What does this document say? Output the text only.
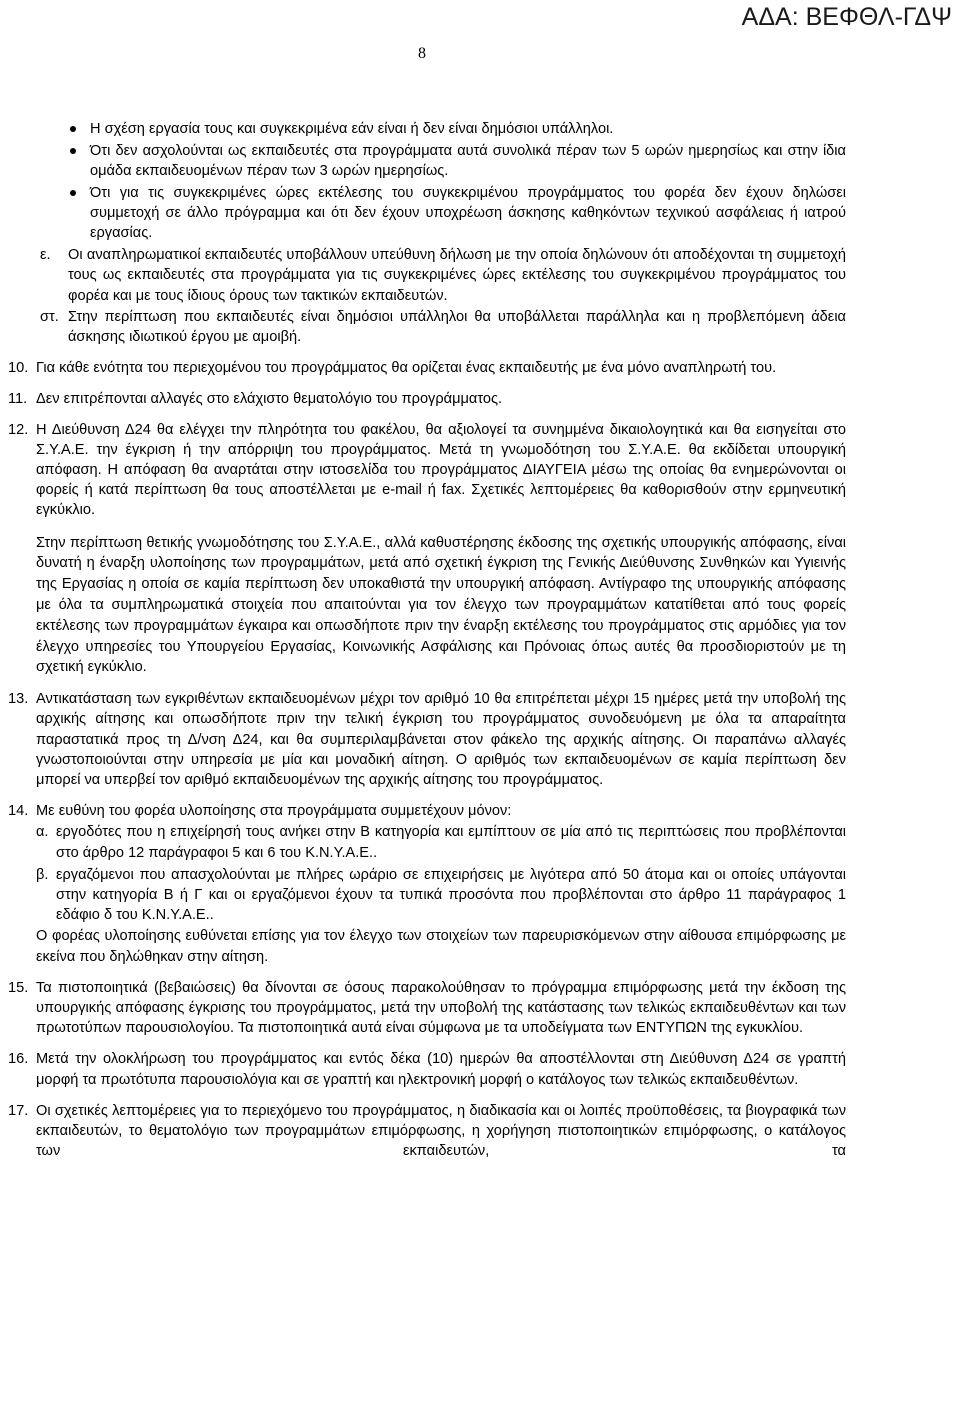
ΑΔΑ: ΒΕΦΘΛ-ΓΔΨ
8
Η σχέση εργασία τους και συγκεκριμένα εάν είναι ή δεν είναι δημόσιοι υπάλληλοι.
Ότι δεν ασχολούνται ως εκπαιδευτές στα προγράμματα αυτά συνολικά πέραν των 5 ωρών ημερησίως και στην ίδια ομάδα εκπαιδευομένων πέραν των 3 ωρών ημερησίως.
Ότι για τις συγκεκριμένες ώρες εκτέλεσης του συγκεκριμένου προγράμματος του φορέα δεν έχουν δηλώσει συμμετοχή σε άλλο πρόγραμμα και ότι δεν έχουν υποχρέωση άσκησης καθηκόντων τεχνικού ασφάλειας ή ιατρού εργασίας.
ε. Οι αναπληρωματικοί εκπαιδευτές υποβάλλουν υπεύθυνη δήλωση με την οποία δηλώνουν ότι αποδέχονται τη συμμετοχή τους ως εκπαιδευτές στα προγράμματα για τις συγκεκριμένες ώρες εκτέλεσης του συγκεκριμένου προγράμματος του φορέα και με τους ίδιους όρους των τακτικών εκπαιδευτών.
στ. Στην περίπτωση που εκπαιδευτές είναι δημόσιοι υπάλληλοι θα υποβάλλεται παράλληλα και η προβλεπόμενη άδεια άσκησης ιδιωτικού έργου με αμοιβή.
10. Για κάθε ενότητα του περιεχομένου του προγράμματος θα ορίζεται ένας εκπαιδευτής με ένα μόνο αναπληρωτή του.
11. Δεν επιτρέπονται αλλαγές στο ελάχιστο θεματολόγιο του προγράμματος.
12. Η Διεύθυνση Δ24 θα ελέγχει την πληρότητα του φακέλου, θα αξιολογεί τα συνημμένα δικαιολογητικά και θα εισηγείται στο Σ.Υ.Α.Ε. την έγκριση ή την απόρριψη του προγράμματος. Μετά τη γνωμοδότηση του Σ.Υ.Α.Ε. θα εκδίδεται υπουργική απόφαση. Η απόφαση θα αναρτάται στην ιστοσελίδα του προγράμματος ΔΙΑΥΓΕΙΑ μέσω της οποίας θα ενημερώνονται οι φορείς ή κατά περίπτωση θα τους αποστέλλεται με e-mail ή fax. Σχετικές λεπτομέρειες θα καθορισθούν στην ερμηνευτική εγκύκλιο.
Στην περίπτωση θετικής γνωμοδότησης του Σ.Υ.Α.Ε., αλλά καθυστέρησης έκδοσης της σχετικής υπουργικής απόφασης, είναι δυνατή η έναρξη υλοποίησης των προγραμμάτων, μετά από σχετική έγκριση της Γενικής Διεύθυνσης Συνθηκών και Υγιεινής της Εργασίας η οποία σε καμία περίπτωση δεν υποκαθιστά την υπουργική απόφαση. Αντίγραφο της υπουργικής απόφασης με όλα τα συμπληρωματικά στοιχεία που απαιτούνται για τον έλεγχο των προγραμμάτων κατατίθεται από τους φορείς εκτέλεσης των προγραμμάτων έγκαιρα και οπωσδήποτε πριν την έναρξη εκτέλεσης του προγράμματος στις αρμόδιες για τον έλεγχο υπηρεσίες του Υπουργείου Εργασίας, Κοινωνικής Ασφάλισης και Πρόνοιας όπως αυτές θα προσδιοριστούν με τη σχετική εγκύκλιο.
13. Αντικατάσταση των εγκριθέντων εκπαιδευομένων μέχρι τον αριθμό 10 θα επιτρέπεται μέχρι 15 ημέρες μετά την υποβολή της αρχικής αίτησης και οπωσδήποτε πριν την τελική έγκριση του προγράμματος συνοδευόμενη με όλα τα απαραίτητα παραστατικά προς τη Δ/νση Δ24, και θα συμπεριλαμβάνεται στον φάκελο της αρχικής αίτησης. Οι παραπάνω αλλαγές γνωστοποιούνται στην υπηρεσία με μία και μοναδική αίτηση. Ο αριθμός των εκπαιδευομένων σε καμία περίπτωση δεν μπορεί να υπερβεί τον αριθμό εκπαιδευομένων της αρχικής αίτησης του προγράμματος.
14. Με ευθύνη του φορέα υλοποίησης στα προγράμματα συμμετέχουν μόνον:
α. εργοδότες που η επιχείρησή τους ανήκει στην Β κατηγορία και εμπίπτουν σε μία από τις περιπτώσεις που προβλέπονται στο άρθρο 12 παράγραφοι 5 και 6 του Κ.Ν.Υ.Α.Ε..
β. εργαζόμενοι που απασχολούνται με πλήρες ωράριο σε επιχειρήσεις με λιγότερα από 50 άτομα και οι οποίες υπάγονται στην κατηγορία Β ή Γ και οι εργαζόμενοι έχουν τα τυπικά προσόντα που προβλέπονται στο άρθρο 11 παράγραφος 1 εδάφιο δ του Κ.Ν.Υ.Α.Ε..
Ο φορέας υλοποίησης ευθύνεται επίσης για τον έλεγχο των στοιχείων των παρευρισκόμενων στην αίθουσα επιμόρφωσης με εκείνα που δηλώθηκαν στην αίτηση.
15. Τα πιστοποιητικά (βεβαιώσεις) θα δίνονται σε όσους παρακολούθησαν το πρόγραμμα επιμόρφωσης μετά την έκδοση της υπουργικής απόφασης έγκρισης του προγράμματος, μετά την υποβολή της κατάστασης των τελικώς εκπαιδευθέντων και των πρωτοτύπων παρουσιολογίου. Τα πιστοποιητικά αυτά είναι σύμφωνα με τα υποδείγματα των ΕΝΤΥΠΩΝ της εγκυκλίου.
16. Μετά την ολοκλήρωση του προγράμματος και εντός δέκα (10) ημερών θα αποστέλλονται στη Διεύθυνση Δ24 σε γραπτή μορφή τα πρωτότυπα παρουσιολόγια και σε γραπτή και ηλεκτρονική μορφή ο κατάλογος των τελικώς εκπαιδευθέντων.
17. Οι σχετικές λεπτομέρειες για το περιεχόμενο του προγράμματος, η διαδικασία και οι λοιπές προϋποθέσεις, τα βιογραφικά των εκπαιδευτών, το θεματολόγιο των προγραμμάτων επιμόρφωσης, η χορήγηση πιστοποιητικών επιμόρφωσης, ο κατάλογος των εκπαιδευτών, τα
